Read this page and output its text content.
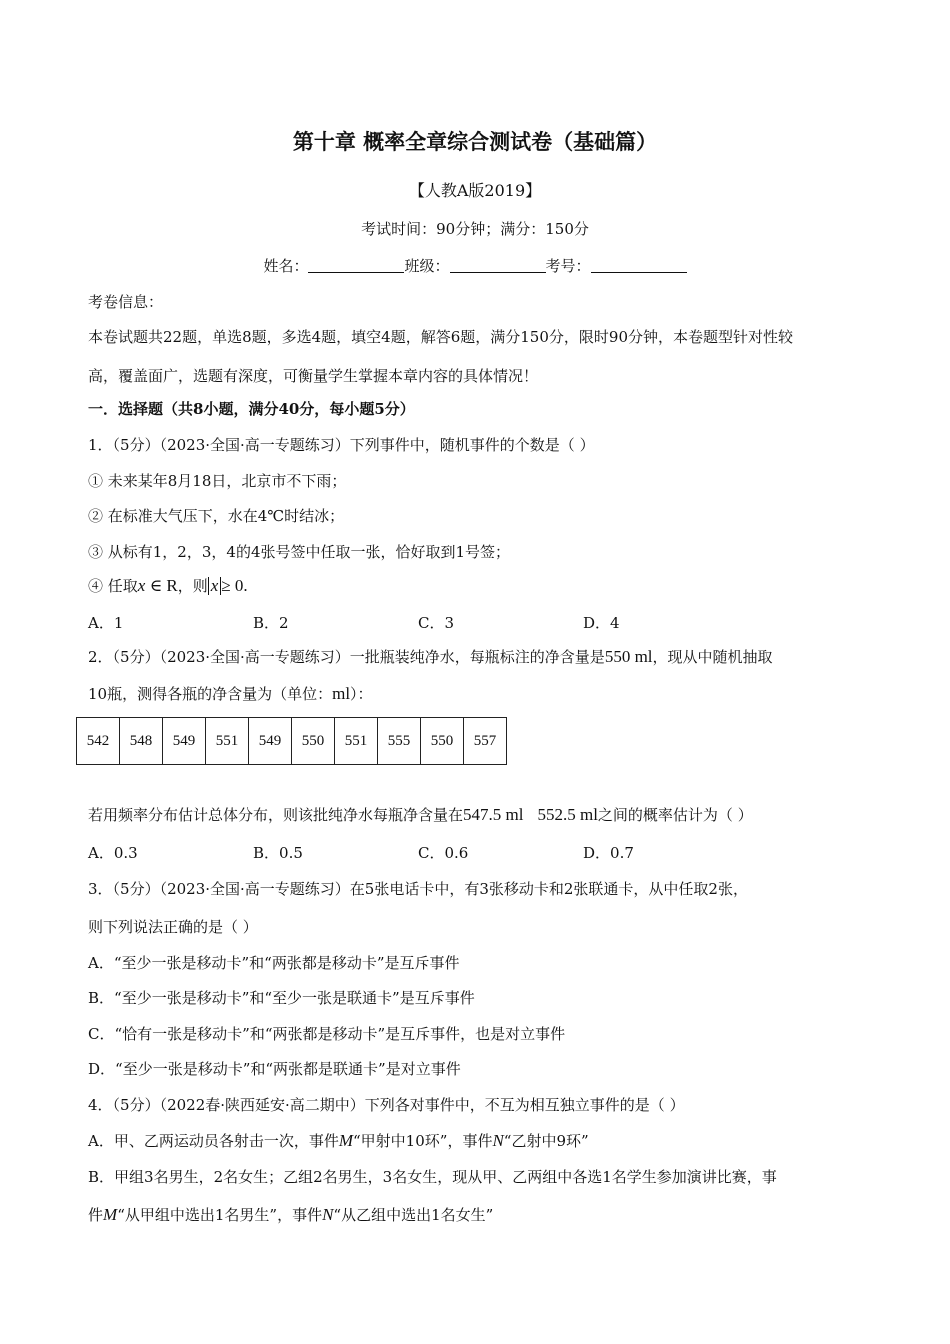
第十章 概率全章综合测试卷（基础篇）
【人教A版2019】
考试时间：90分钟；满分：150分
姓名：	班级：	考号：
考卷信息：
本卷试题共22题，单选8题，多选4题，填空4题，解答6题，满分150分，限时90分钟，本卷题型针对性较
高，覆盖面广，选题有深度，可衡量学生掌握本章内容的具体情况！
一．选择题（共8小题，满分40分，每小题5分）
1．（5分）（2023·全国·高一专题练习）下列事件中，随机事件的个数是（ ）
① 未来某年8月18日，北京市不下雨；
② 在标准大气压下，水在4℃时结冰；
③ 从标有1，2，3，4的4张号签中任取一张，恰好取到1号签；
④ 任取x ∈ R，则 x ≥ 0.
A．1	B．2	C．3	D．4
2．（5分）（2023·全国·高一专题练习）一批瓶装纯净水，每瓶标注的净含量是550 ml，现从中随机抽取
10瓶，测得各瓶的净含量为（单位：ml）：
542	548	549	551	549	550	551	555	550	557
若用频率分布估计总体分布，则该批纯净水每瓶净含量在547.5 ml 552.5 ml之间的概率估计为（ ）
A．0.3	B．0.5	C．0.6	D．0.7
3．（5分）（2023·全国·高一专题练习）在5张电话卡中，有3张移动卡和2张联通卡，从中任取2张，
则下列说法正确的是（ ）
A．“至少一张是移动卡”和“两张都是移动卡”是互斥事件
B．“至少一张是移动卡”和“至少一张是联通卡”是互斥事件
C．“恰有一张是移动卡”和“两张都是移动卡”是互斥事件，也是对立事件
D．“至少一张是移动卡”和“两张都是联通卡”是对立事件
4．（5分）（2022春·陕西延安·高二期中）下列各对事件中，不互为相互独立事件的是（ ）
A．甲、乙两运动员各射击一次，事件M“甲射中10环”，事件N“乙射中9环”
B．甲组3名男生，2名女生；乙组2名男生，3名女生，现从甲、乙两组中各选1名学生参加演讲比赛，事
件M“从甲组中选出1名男生”，事件N“从乙组中选出1名女生”
